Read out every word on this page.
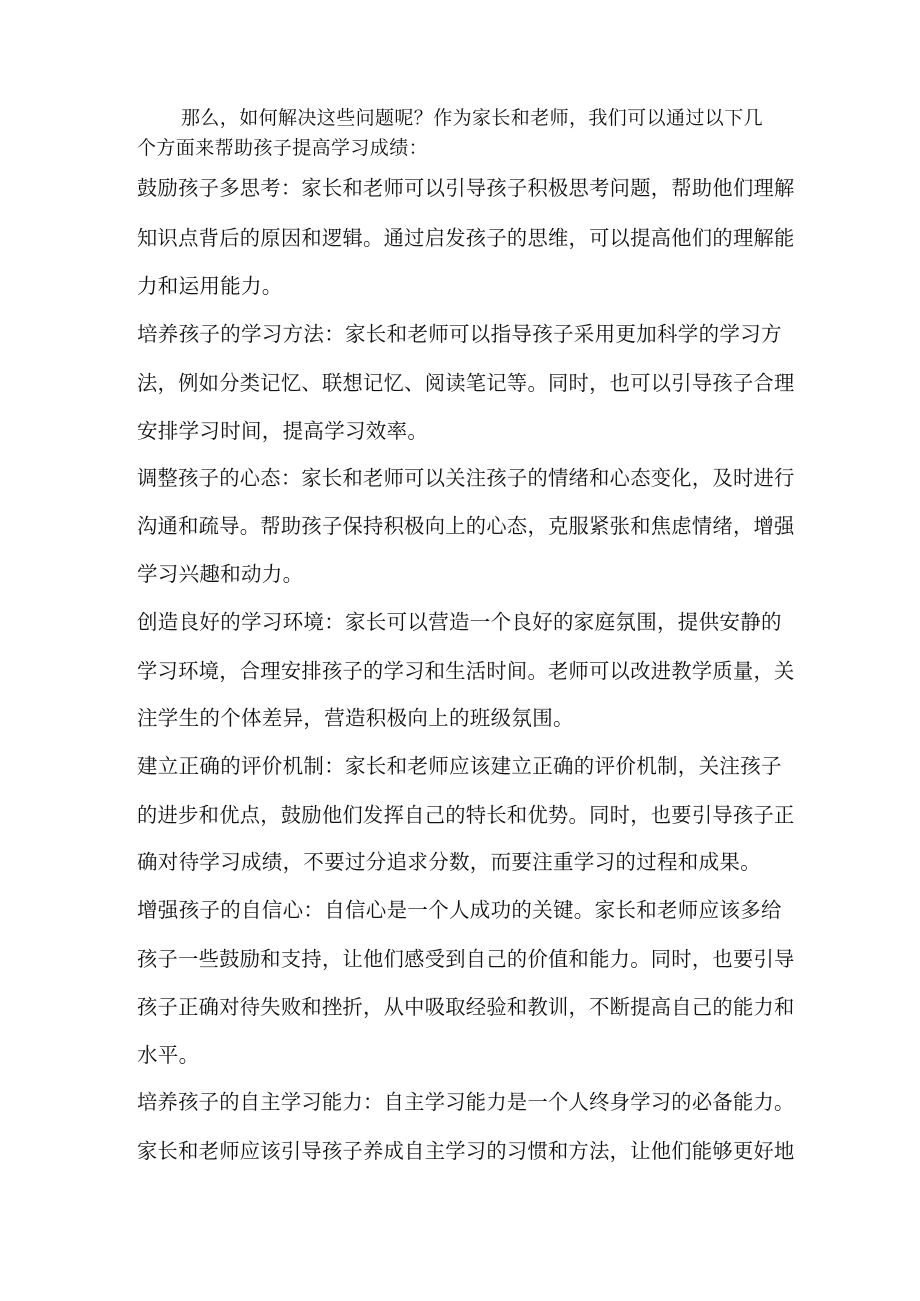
那么，如何解决这些问题呢？作为家长和老师，我们可以通过以下几
个方面来帮助孩子提高学习成绩：
鼓励孩子多思考：家长和老师可以引导孩子积极思考问题，帮助他们理解
知识点背后的原因和逻辑。通过启发孩子的思维，可以提高他们的理解能
力和运用能力。
培养孩子的学习方法：家长和老师可以指导孩子采用更加科学的学习方
法，例如分类记忆、联想记忆、阅读笔记等。同时，也可以引导孩子合理
安排学习时间，提高学习效率。
调整孩子的心态：家长和老师可以关注孩子的情绪和心态变化，及时进行
沟通和疏导。帮助孩子保持积极向上的心态，克服紧张和焦虑情绪，增强
学习兴趣和动力。
创造良好的学习环境：家长可以营造一个良好的家庭氛围，提供安静的
学习环境，合理安排孩子的学习和生活时间。老师可以改进教学质量，关
注学生的个体差异，营造积极向上的班级氛围。
建立正确的评价机制：家长和老师应该建立正确的评价机制，关注孩子
的进步和优点，鼓励他们发挥自己的特长和优势。同时，也要引导孩子正
确对待学习成绩，不要过分追求分数，而要注重学习的过程和成果。
增强孩子的自信心：自信心是一个人成功的关键。家长和老师应该多给
孩子一些鼓励和支持，让他们感受到自己的价值和能力。同时，也要引导
孩子正确对待失败和挫折，从中吸取经验和教训，不断提高自己的能力和
水平。
培养孩子的自主学习能力：自主学习能力是一个人终身学习的必备能力。
家长和老师应该引导孩子养成自主学习的习惯和方法，让他们能够更好地
